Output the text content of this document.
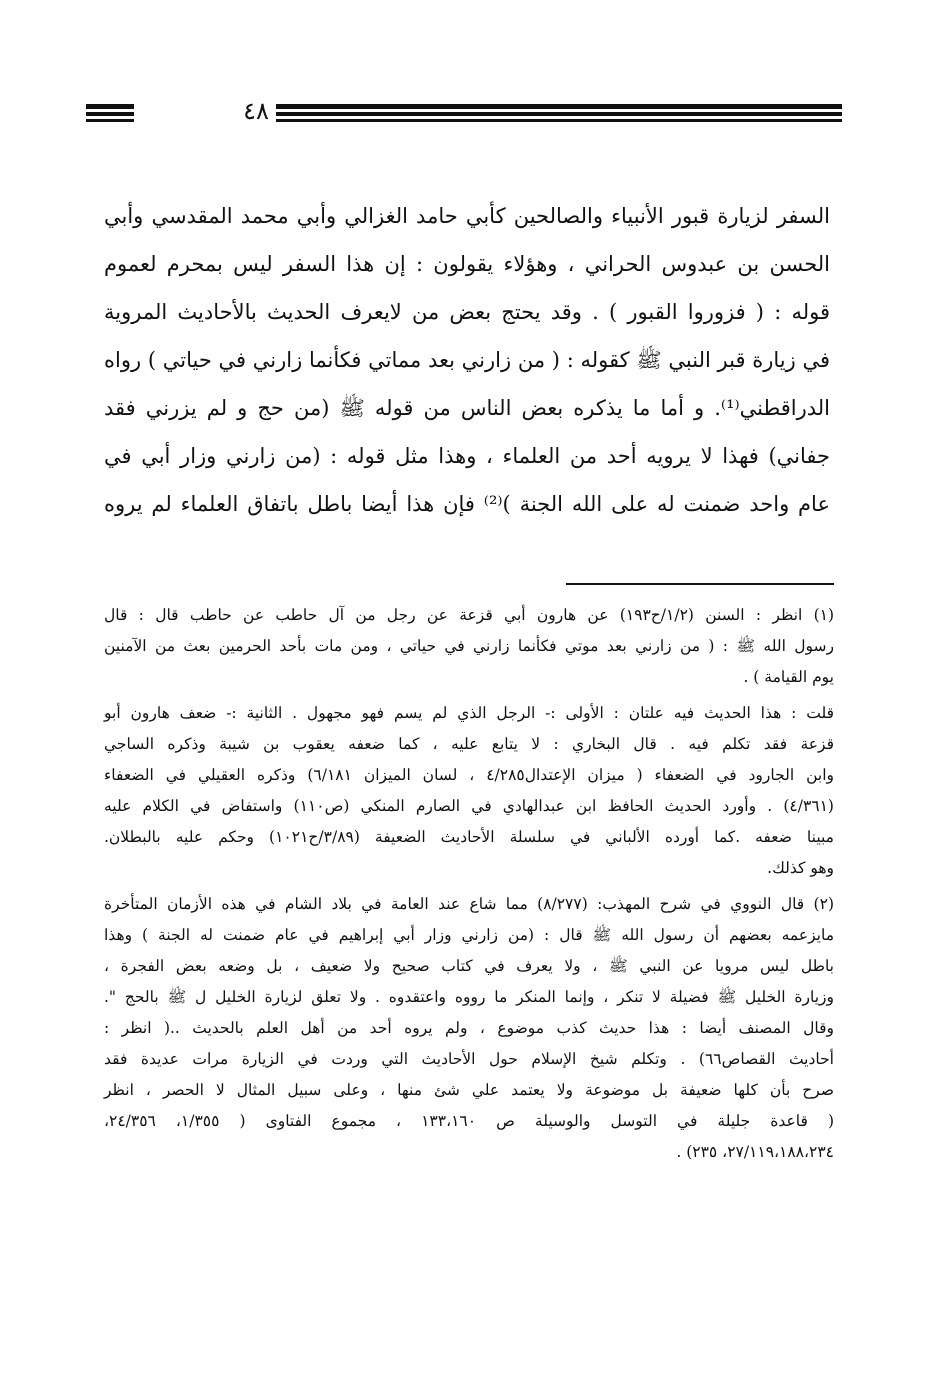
٤٨
السفر لزيارة قبور الأنبياء والصالحين كأبي حامد الغزالي وأبي محمد المقدسي وأبي
الحسن بن عبدوس الحراني ، وهؤلاء يقولون : إن هذا السفر ليس بمحرم لعموم
قوله : ( فزوروا القبور ) . وقد يحتج بعض من لايعرف الحديث بالأحاديث المروية
في زيارة قبر النبي ﷺ كقوله : ( من زارني بعد مماتي فكأنما زارني في حياتي ) رواه
الدراقطني⁽¹⁾. و أما ما يذكره بعض الناس من قوله ﷺ (من حج و لم يزرني فقد
جفاني) فهذا لا يرويه أحد من العلماء ، وهذا مثل قوله : (من زارني وزار أبي في
عام واحد ضمنت له على الله الجنة )⁽²⁾ فإن هذا أيضا باطل باتفاق العلماء لم يروه
(١) انظر : السنن (١/٢/ح١٩٣) عن هارون أبي قزعة عن رجل من آل حاطب عن حاطب قال : قال
رسول الله ﷺ : ( من زارني بعد موتي فكأنما زارني في حياتي ، ومن مات بأحد الحرمين بعث من الآمنين
يوم القيامة ) .
قلت : هذا الحديث فيه علتان : الأولى :- الرجل الذي لم يسم فهو مجهول . الثانية :- ضعف هارون أبو
قزعة فقد تكلم فيه . قال البخاري : لا يتابع عليه ، كما ضعفه يعقوب بن شيبة وذكره الساجي
وابن الجارود في الضعفاء ( ميزان الإعتدال٤/٢٨٥ ، لسان الميزان ٦/١٨١) وذكره العقيلي في الضعفاء
(٤/٣٦١) . وأورد الحديث الحافظ ابن عبدالهادي في الصارم المنكي (ص١١٠) واستفاض في الكلام عليه
مبينا ضعفه .كما أورده الألباني في سلسلة الأحاديث الضعيفة (٣/٨٩/ح١٠٢١) وحكم عليه بالبطلان.
وهو كذلك.
(٢) قال النووي في شرح المهذب: (٨/٢٧٧) مما شاع عند العامة في بلاد الشام في هذه الأزمان المتأخرة
مايزعمه بعضهم أن رسول الله ﷺ قال : (من زارني وزار أبي إبراهيم في عام ضمنت له الجنة ) وهذا
باطل ليس مرويا عن النبي ﷺ ، ولا يعرف في كتاب صحيح ولا ضعيف ، بل وضعه بعض الفجرة ،
وزيارة الخليل ﷺ فضيلة لا تنكر ، وإنما المنكر ما رووه واعتقدوه . ولا تعلق لزيارة الخليل ل ﷺ بالحج ".
وقال المصنف أيضا : هذا حديث كذب موضوع ، ولم يروه أحد من أهل العلم بالحديث ..( انظر :
أحاديث القصاص٦٦) . وتكلم شيخ الإسلام حول الأحاديث التي وردت في الزيارة مرات عديدة فقد
صرح بأن كلها ضعيفة بل موضوعة ولا يعتمد علي شئ منها ، وعلى سبيل المثال لا الحصر ، انظر
( قاعدة جليلة في التوسل والوسيلة ص ١٣٣،١٦٠ ، مجموع الفتاوى ( ١/٣٥٥، ٢٤/٣٥٦،
٢٧/١١٩،١٨٨،٢٣٤، ٢٣٥) .
